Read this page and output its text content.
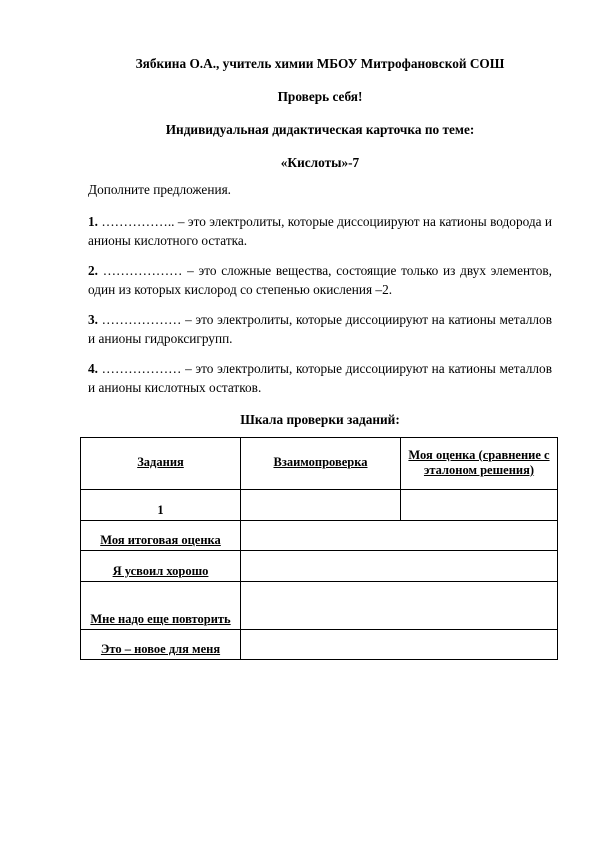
Зябкина О.А., учитель химии МБОУ Митрофановской СОШ
Проверь себя!
Индивидуальная дидактическая карточка по теме:
«Кислоты»-7
Дополните предложения.
1. …………….. – это электролиты, которые диссоциируют на катионы водорода и анионы кислотного остатка.
2. ……………… – это сложные вещества, состоящие только из двух элементов, один из которых кислород со степенью окисления –2.
3. ……………… – это электролиты, которые диссоциируют на катионы металлов и анионы гидроксигрупп.
4. ……………… – это электролиты, которые диссоциируют на катионы металлов и анионы кислотных остатков.
Шкала проверки заданий:
Задания	Взаимопроверка	Моя оценка (сравнение с эталоном решения)
1		
Моя итоговая оценка		
Я усвоил хорошо		
Мне надо еще повторить		
Это – новое для меня		
